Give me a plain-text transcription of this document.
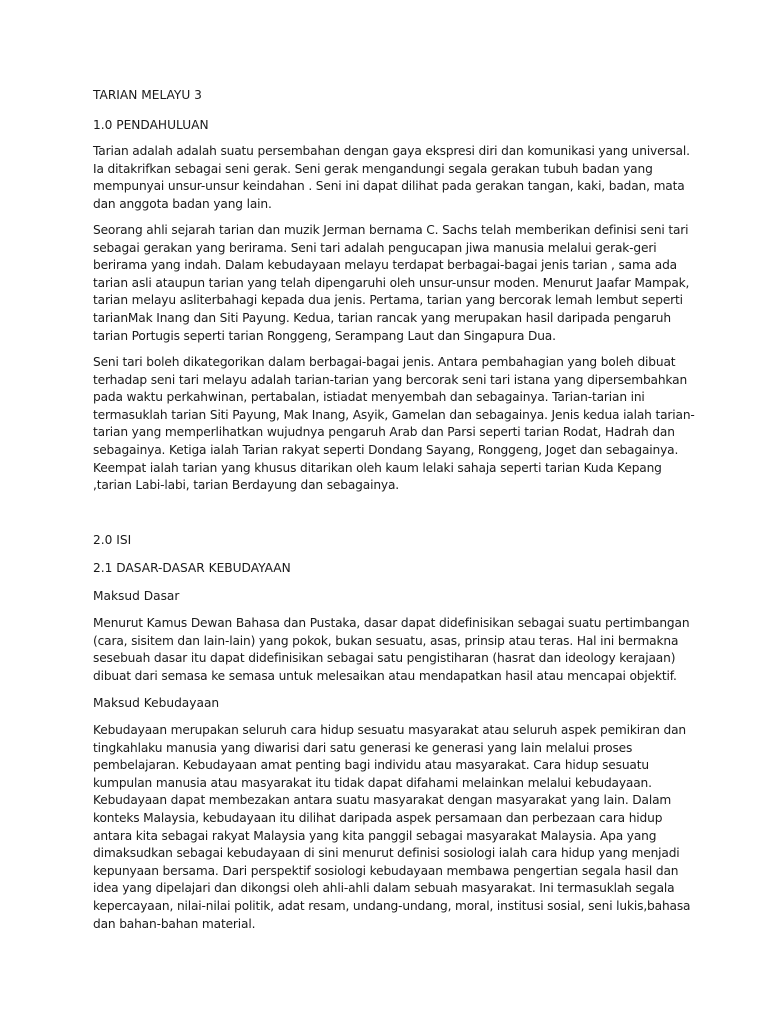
TARIAN MELAYU 3
1.0 PENDAHULUAN
Tarian adalah adalah suatu persembahan dengan gaya ekspresi diri dan komunikasi yang universal.
Ia ditakrifkan sebagai seni gerak. Seni gerak mengandungi segala gerakan tubuh badan yang
mempunyai unsur-unsur keindahan . Seni ini dapat dilihat pada gerakan tangan, kaki, badan, mata
dan anggota badan yang lain.
Seorang ahli sejarah tarian dan muzik Jerman bernama C. Sachs telah memberikan definisi seni tari
sebagai gerakan yang berirama. Seni tari adalah pengucapan jiwa manusia melalui gerak-geri
berirama yang indah. Dalam kebudayaan melayu terdapat berbagai-bagai jenis tarian , sama ada
tarian asli ataupun tarian yang telah dipengaruhi oleh unsur-unsur moden. Menurut Jaafar Mampak,
tarian melayu asliterbahagi kepada dua jenis. Pertama, tarian yang bercorak lemah lembut seperti
tarianMak Inang dan Siti Payung. Kedua, tarian rancak yang merupakan hasil daripada pengaruh
tarian Portugis seperti tarian Ronggeng, Serampang Laut dan Singapura Dua.
Seni tari boleh dikategorikan dalam berbagai-bagai jenis. Antara pembahagian yang boleh dibuat
terhadap seni tari melayu adalah tarian-tarian yang bercorak seni tari istana yang dipersembahkan
pada waktu perkahwinan, pertabalan, istiadat menyembah dan sebagainya. Tarian-tarian ini
termasuklah tarian Siti Payung, Mak Inang, Asyik, Gamelan dan sebagainya. Jenis kedua ialah tarian-
tarian yang memperlihatkan wujudnya pengaruh Arab dan Parsi seperti tarian Rodat, Hadrah dan
sebagainya. Ketiga ialah Tarian rakyat seperti Dondang Sayang, Ronggeng, Joget dan sebagainya.
Keempat ialah tarian yang khusus ditarikan oleh kaum lelaki sahaja seperti tarian Kuda Kepang
,tarian Labi-labi, tarian Berdayung dan sebagainya.
2.0 ISI
2.1 DASAR-DASAR KEBUDAYAAN
Maksud Dasar
Menurut Kamus Dewan Bahasa dan Pustaka, dasar dapat didefinisikan sebagai suatu pertimbangan
(cara, sisitem dan lain-lain) yang pokok, bukan sesuatu, asas, prinsip atau teras. Hal ini bermakna
sesebuah dasar itu dapat didefinisikan sebagai satu pengistiharan (hasrat dan ideology kerajaan)
dibuat dari semasa ke semasa untuk melesaikan atau mendapatkan hasil atau mencapai objektif.
Maksud Kebudayaan
Kebudayaan merupakan seluruh cara hidup sesuatu masyarakat atau seluruh aspek pemikiran dan
tingkahlaku manusia yang diwarisi dari satu generasi ke generasi yang lain melalui proses
pembelajaran. Kebudayaan amat penting bagi individu atau masyarakat. Cara hidup sesuatu
kumpulan manusia atau masyarakat itu tidak dapat difahami melainkan melalui kebudayaan.
Kebudayaan dapat membezakan antara suatu masyarakat dengan masyarakat yang lain. Dalam
konteks Malaysia, kebudayaan itu dilihat daripada aspek persamaan dan perbezaan cara hidup
antara kita sebagai rakyat Malaysia yang kita panggil sebagai masyarakat Malaysia. Apa yang
dimaksudkan sebagai kebudayaan di sini menurut definisi sosiologi ialah cara hidup yang menjadi
kepunyaan bersama. Dari perspektif sosiologi kebudayaan membawa pengertian segala hasil dan
idea yang dipelajari dan dikongsi oleh ahli-ahli dalam sebuah masyarakat. Ini termasuklah segala
kepercayaan, nilai-nilai politik, adat resam, undang-undang, moral, institusi sosial, seni lukis,bahasa
dan bahan-bahan material.
